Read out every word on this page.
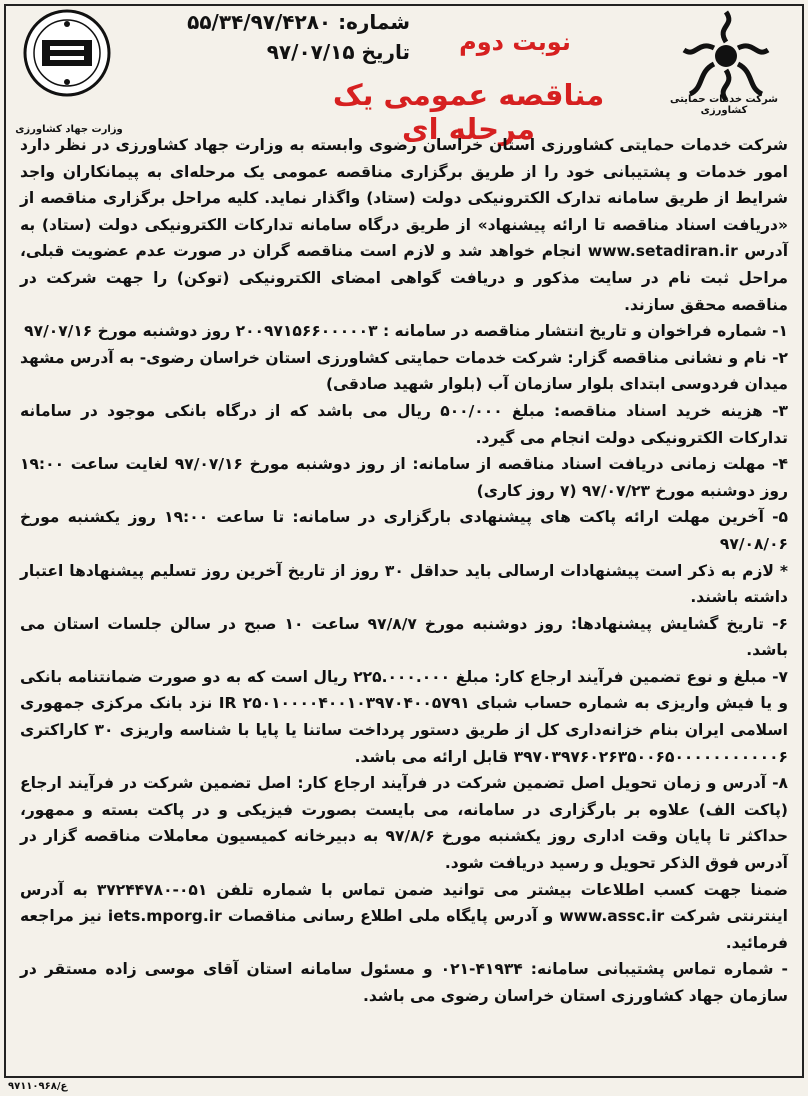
شرکت خدمات حمایتی کشاورزی
وزارت جهاد کشاورزی
شماره: ۵۵/۳۴/۹۷/۴۲۸۰
تاریخ ۹۷/۰۷/۱۵	نوبت دوم
مناقصه عمومی یک مرحله ای

شرکت خدمات حمایتی کشاورزی استان خراسان رضوی وابسته به وزارت جهاد کشاورزی در نظر دارد امور خدمات و پشتیبانی خود را از طریق برگزاری مناقصه عمومی یک مرحله‌ای به پیمانکاران واجد شرایط از طریق سامانه تدارک الکترونیکی دولت (ستاد) واگذار نماید. کلیه مراحل برگزاری مناقصه از «دریافت اسناد مناقصه تا ارائه پیشنهاد» از طریق درگاه سامانه تدارکات الکترونیکی دولت (ستاد) به آدرس www.setadiran.ir انجام خواهد شد و لازم است مناقصه گران در صورت عدم عضویت قبلی، مراحل ثبت نام در سایت مذکور و دریافت گواهی امضای الکترونیکی (توکن) را جهت شرکت در مناقصه محقق سازند.

۱- شماره فراخوان و تاریخ انتشار مناقصه در سامانه : ۲۰۰۹۷۱۵۶۶۰۰۰۰۰۳ روز دوشنبه مورخ ۹۷/۰۷/۱۶

۲- نام و نشانی مناقصه گزار: شرکت خدمات حمایتی کشاورزی استان خراسان رضوی- به آدرس مشهد میدان فردوسی ابتدای بلوار سازمان آب (بلوار شهید صادقی)

۳- هزینه خرید اسناد مناقصه: مبلغ ۵۰۰/۰۰۰ ریال می باشد که از درگاه بانکی موجود در سامانه تدارکات الکترونیکی دولت انجام می گیرد.

۴- مهلت زمانی دریافت اسناد مناقصه از سامانه: از روز دوشنبه مورخ ۹۷/۰۷/۱۶ لغایت ساعت ۱۹:۰۰ روز دوشنبه مورخ ۹۷/۰۷/۲۳ (۷ روز کاری)

۵- آخرین مهلت ارائه پاکت های پیشنهادی بارگزاری در سامانه: تا ساعت ۱۹:۰۰ روز یکشنبه مورخ ۹۷/۰۸/۰۶

* لازم به ذکر است پیشنهادات ارسالی باید حداقل ۳۰ روز از تاریخ آخرین روز تسلیم پیشنهادها اعتبار داشته باشند.

۶- تاریخ گشایش پیشنهادها: روز دوشنبه مورخ ۹۷/۸/۷ ساعت ۱۰ صبح در سالن جلسات استان می باشد.

۷- مبلغ و نوع تضمین فرآیند ارجاع کار: مبلغ ۲۲۵.۰۰۰.۰۰۰ ریال است که به دو صورت ضمانتنامه بانکی و یا فیش واریزی به شماره حساب شبای IR ۲۵۰۱۰۰۰۰۴۰۰۱۰۳۹۷۰۴۰۰۵۷۹۱ نزد بانک مرکزی جمهوری اسلامی ایران بنام خزانه‌داری کل از طریق دستور پرداخت ساتنا یا پایا با شناسه واریزی ۳۰ کاراکتری ۳۹۷۰۳۹۷۶۰۲۶۳۵۰۰۶۵۰۰۰۰۰۰۰۰۰۰۰۶ قابل ارائه می باشد.

۸- آدرس و زمان تحویل اصل تضمین شرکت در فرآیند ارجاع کار: اصل تضمین شرکت در فرآیند ارجاع (پاکت الف) علاوه بر بارگزاری در سامانه، می بایست بصورت فیزیکی و در پاکت بسته و ممهور، حداکثر تا پایان وقت اداری روز یکشنبه مورخ ۹۷/۸/۶ به دبیرخانه کمیسیون معاملات مناقصه گزار در آدرس فوق الذکر تحویل و رسید دریافت شود.

ضمنا جهت کسب اطلاعات بیشتر می توانید ضمن تماس با شماره تلفن ۰۵۱-۳۷۲۴۴۷۸۰ به آدرس اینترنتی شرکت www.assc.ir و آدرس پایگاه ملی اطلاع رسانی مناقصات iets.mporg.ir نیز مراجعه فرمائید.

- شماره تماس پشتیبانی سامانه: ۴۱۹۳۴-۰۲۱ و مسئول سامانه استان آقای موسی زاده مستقر در سازمان جهاد کشاورزی استان خراسان رضوی می باشد.

۹۷۱۱۰۹۶۸/ع
